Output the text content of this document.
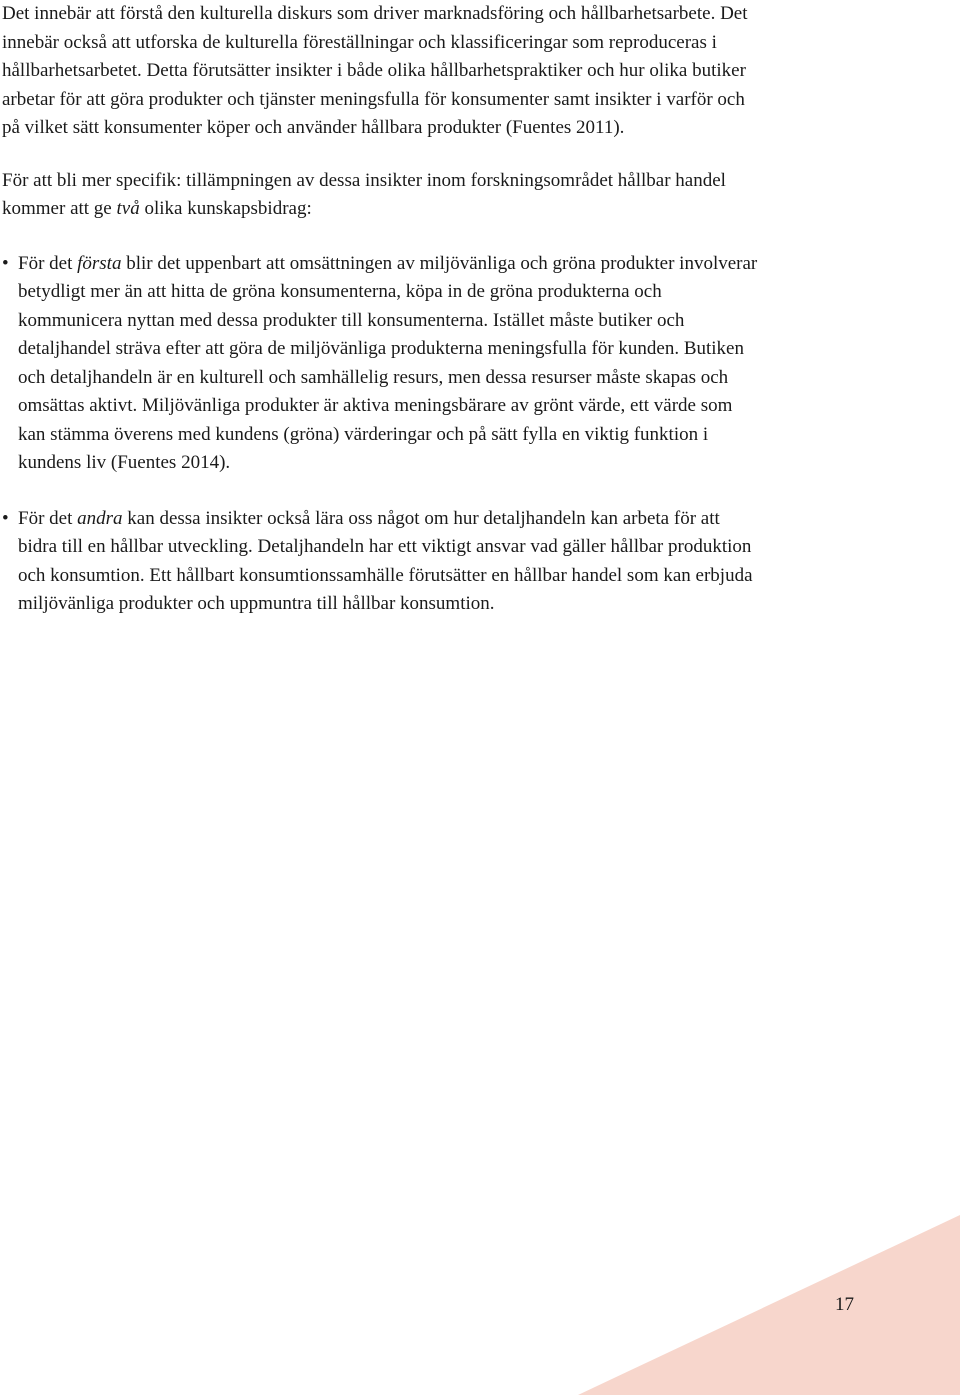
Det innebär att förstå den kulturella diskurs som driver marknadsföring och hållbarhetsarbete. Det innebär också att utforska de kulturella föreställningar och klassificeringar som reproduceras i hållbarhetsarbetet. Detta förutsätter insikter i både olika hållbarhetspraktiker och hur olika butiker arbetar för att göra produkter och tjänster meningsfulla för konsumenter samt insikter i varför och på vilket sätt konsumenter köper och använder hållbara produkter (Fuentes 2011).

För att bli mer specifik: tillämpningen av dessa insikter inom forskningsområdet hållbar handel kommer att ge två olika kunskapsbidrag:

• För det första blir det uppenbart att omsättningen av miljövänliga och gröna produkter involverar betydligt mer än att hitta de gröna konsumenterna, köpa in de gröna produkterna och kommunicera nyttan med dessa produkter till konsumenterna. Istället måste butiker och detaljhandel sträva efter att göra de miljövänliga produkterna meningsfulla för kunden. Butiken och detaljhandeln är en kulturell och samhällelig resurs, men dessa resurser måste skapas och omsättas aktivt. Miljövänliga produkter är aktiva meningsbärare av grönt värde, ett värde som kan stämma överens med kundens (gröna) värderingar och på sätt fylla en viktig funktion i kundens liv (Fuentes 2014).
• För det andra kan dessa insikter också lära oss något om hur detaljhandeln kan arbeta för att bidra till en hållbar utveckling. Detaljhandeln har ett viktigt ansvar vad gäller hållbar produktion och konsumtion. Ett hållbart konsumtionssamhälle förutsätter en hållbar handel som kan erbjuda miljövänliga produkter och uppmuntra till hållbar konsumtion.
17
